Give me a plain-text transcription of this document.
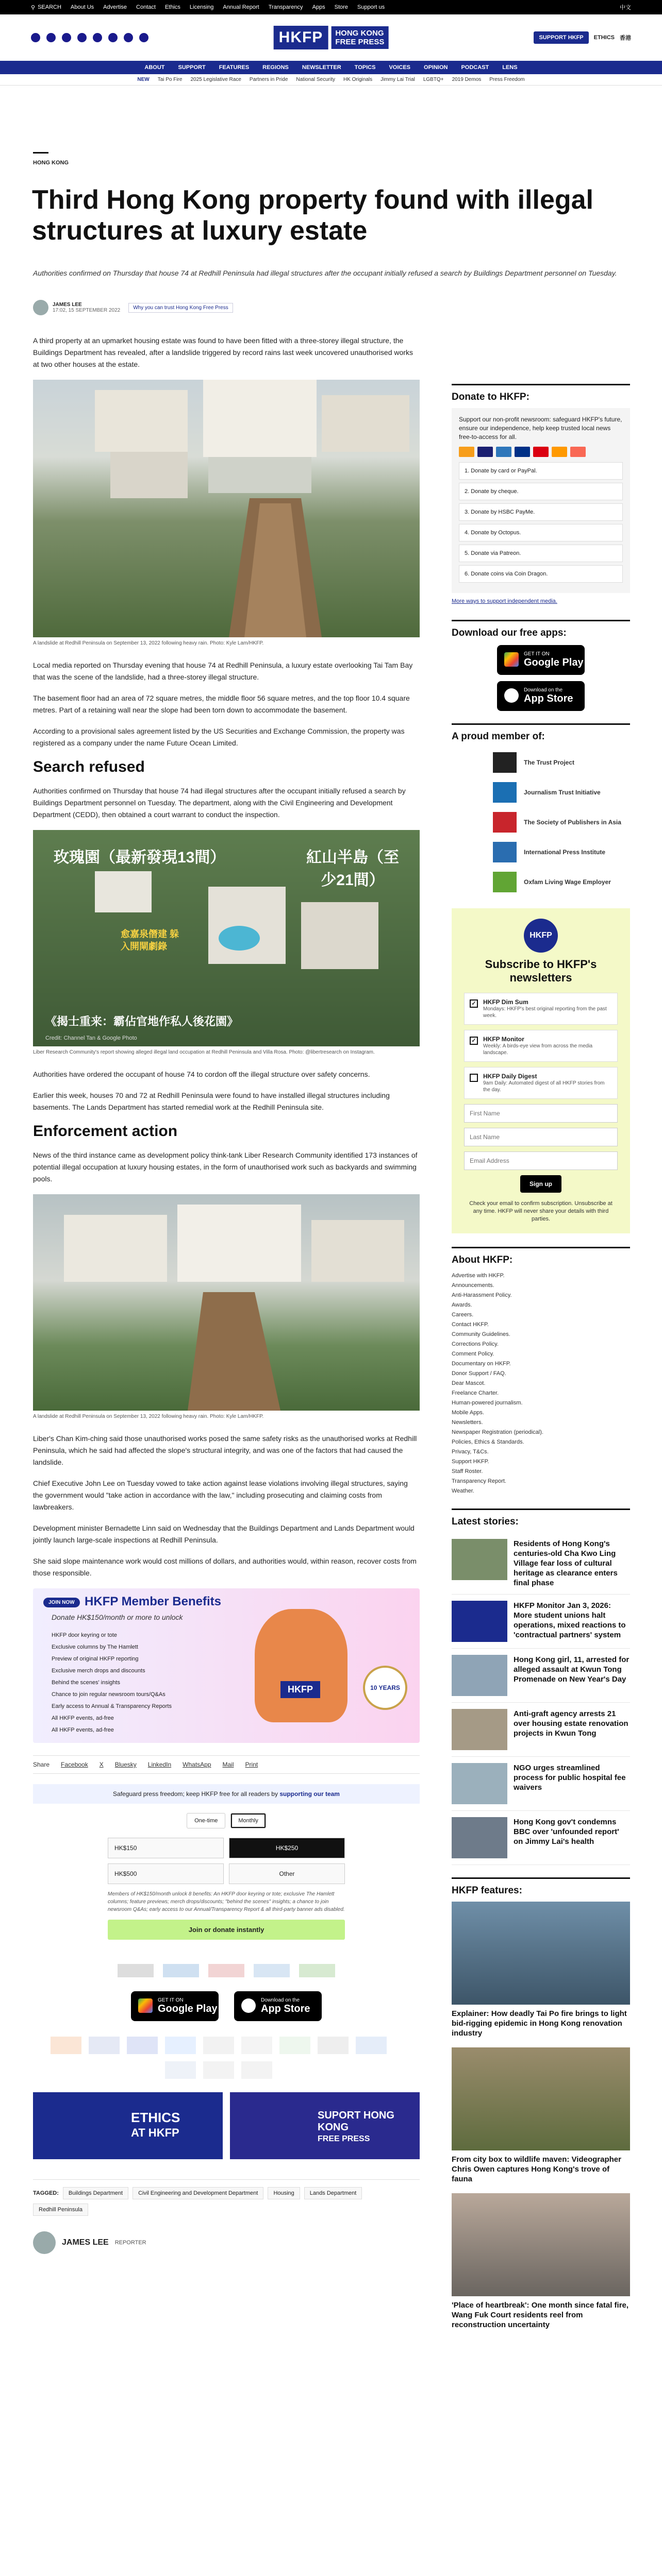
⚲ SEARCH About Us Advertise Contact Ethics Licensing Annual Report Transparency Apps Store Support us	中文
HKFP	HONG KONG
FREE PRESS	SUPPORT HKFP	ETHICS 香港
ABOUT SUPPORT FEATURES REGIONS NEWSLETTER TOPICS VOICES OPINION PODCAST LENS
NEW Tai Po Fire 2025 Legislative Race Partners in Pride National Security HK Originals Jimmy Lai Trial LGBTQ+ 2019 Demos Press Freedom
HONG KONG
Third Hong Kong property found with illegal structures at luxury estate
Authorities confirmed on Thursday that house 74 at Redhill Peninsula had illegal structures after the occupant initially refused a search by Buildings Department personnel on Tuesday.
JAMES LEE
17:02, 15 SEPTEMBER 2022	Why you can trust Hong Kong Free Press

A third property at an upmarket housing estate was found to have been fitted with a three-storey illegal structure, the Buildings Department has revealed, after a landslide triggered by record rains last week uncovered unauthorised works at two other houses at the estate.

A landslide at Redhill Peninsula on September 13, 2022 following heavy rain. Photo: Kyle Lam/HKFP.

Local media reported on Thursday evening that house 74 at Redhill Peninsula, a luxury estate overlooking Tai Tam Bay that was the scene of the landslide, had a three-storey illegal structure.

The basement floor had an area of 72 square metres, the middle floor 56 square metres, and the top floor 10.4 square metres. Part of a retaining wall near the slope had been torn down to accommodate the basement.

According to a provisional sales agreement listed by the US Securities and Exchange Commission, the property was registered as a company under the name Future Ocean Limited.

Search refused

Authorities confirmed on Thursday that house 74 had illegal structures after the occupant initially refused a search by Buildings Department personnel on Tuesday. The department, along with the Civil Engineering and Development Department (CEDD), then obtained a court warrant to conduct the inspection.

玫瑰園（最新發現13間）	紅山半島（至少21間）
愈嘉泉僭建 躲入開閘劇錄
《揭士重来：霸佔官地作私人後花園》
Credit: Channel Tan & Google Photo
Liber Research Community's report showing alleged illegal land occupation at Redhill Peninsula and Villa Rosa. Photo: @libertresearch on Instagram.

Authorities have ordered the occupant of house 74 to cordon off the illegal structure over safety concerns.

Earlier this week, houses 70 and 72 at Redhill Peninsula were found to have installed illegal structures including basements. The Lands Department has started remedial work at the Redhill Peninsula site.

Enforcement action

News of the third instance came as development policy think-tank Liber Research Community identified 173 instances of potential illegal occupation at luxury housing estates, in the form of unauthorised work such as backyards and swimming pools.

A landslide at Redhill Peninsula on September 13, 2022 following heavy rain. Photo: Kyle Lam/HKFP.

Liber's Chan Kim-ching said those unauthorised works posed the same safety risks as the unauthorised works at Redhill Peninsula, which he said had affected the slope's structural integrity, and was one of the factors that had caused the landslide.

Chief Executive John Lee on Tuesday vowed to take action against lease violations involving illegal structures, saying the government would "take action in accordance with the law," including prosecuting and claiming costs from lawbreakers.

Development minister Bernadette Linn said on Wednesday that the Buildings Department and Lands Department would jointly launch large-scale inspections at Redhill Peninsula.

She said slope maintenance work would cost millions of dollars, and authorities would, within reason, recover costs from those responsible.

JOIN NOW HKFP Member Benefits
Donate HK$150/month or more to unlock
HKFP door keyring or tote
Exclusive columns by The Hamlett
Preview of original HKFP reporting
Exclusive merch drops and discounts
Behind the scenes' insights
Chance to join regular newsroom tours/Q&As
Early access to Annual & Transparency Reports
All HKFP events, ad-free
All HKFP events, ad-free
HKFP	10 YEARS
Share Facebook X Bluesky LinkedIn WhatsApp Mail Print
Safeguard press freedom; keep HKFP free for all readers by supporting our team
One-time	Monthly
HK$150	HK$250
HK$500	Other
Members of HK$150/month unlock 8 benefits: An HKFP door keyring or tote; exclusive The Hamlett columns; feature previews; merch drops/discounts; "behind the scenes" insights; a chance to join newsroom Q&As; early access to our Annual/Transparency Report & all third-party banner ads disabled.
Join or donate instantly
GET IT ON
Google Play
Download on the
App Store
ETHICS
AT HKFP
SUPORT HONG KONG
FREE PRESS
TAGGED:	Buildings Department	Civil Engineering and Development Department	Housing	Lands Department
Redhill Peninsula
JAMES LEE REPORTER
Donate to HKFP:

Support our non-profit newsroom: safeguard HKFP's future, ensure our independence, help keep trusted local news free-to-access for all.

1. Donate by card or PayPal.
2. Donate by cheque.
3. Donate by HSBC PayMe.
4. Donate by Octopus.
5. Donate via Patreon.
6. Donate coins via Coin Dragon.
More ways to support independent media.
Download our free apps:
GET IT ON
Google Play
Download on the
App Store
A proud member of:
The Trust Project
Journalism Trust Initiative
The Society of Publishers in Asia
International Press Institute
Oxfam Living Wage Employer
HKFP
Subscribe to HKFP's newsletters
✓ HKFP Dim Sum
Mondays: HKFP's best original reporting from the past week.
✓ HKFP Monitor
Weekly: A birds-eye view from across the media landscape.
HKFP Daily Digest
9am Daily: Automated digest of all HKFP stories from the day.
First Name Last Name Email Address Sign up
Check your email to confirm subscription. Unsubscribe at any time. HKFP will never share your details with third parties.
About HKFP:
Advertise with HKFP.
Announcements.
Anti-Harassment Policy.
Awards.
Careers.
Contact HKFP.
Community Guidelines.
Corrections Policy.
Comment Policy.
Documentary on HKFP.
Donor Support / FAQ.
Dear Mascot.
Freelance Charter.
Human-powered journalism.
Mobile Apps.
Newsletters.
Newspaper Registration (periodical).
Policies, Ethics & Standards.
Privacy, T&Cs.
Support HKFP.
Staff Roster.
Transparency Report.
Weather.
Latest stories:
Residents of Hong Kong's centuries-old Cha Kwo Ling Village fear loss of cultural heritage as clearance enters final phase
HKFP Monitor Jan 3, 2026: More student unions halt operations, mixed reactions to 'contractual partners' system
Hong Kong girl, 11, arrested for alleged assault at Kwun Tong Promenade on New Year's Day
Anti-graft agency arrests 21 over housing estate renovation projects in Kwun Tong
NGO urges streamlined process for public hospital fee waivers
Hong Kong gov't condemns BBC over 'unfounded report' on Jimmy Lai's health
HKFP features:
Explainer: How deadly Tai Po fire brings to light bid-rigging epidemic in Hong Kong renovation industry
From city box to wildlife maven: Videographer Chris Owen captures Hong Kong's trove of fauna
'Place of heartbreak': One month since fatal fire, Wang Fuk Court residents reel from reconstruction uncertainty
